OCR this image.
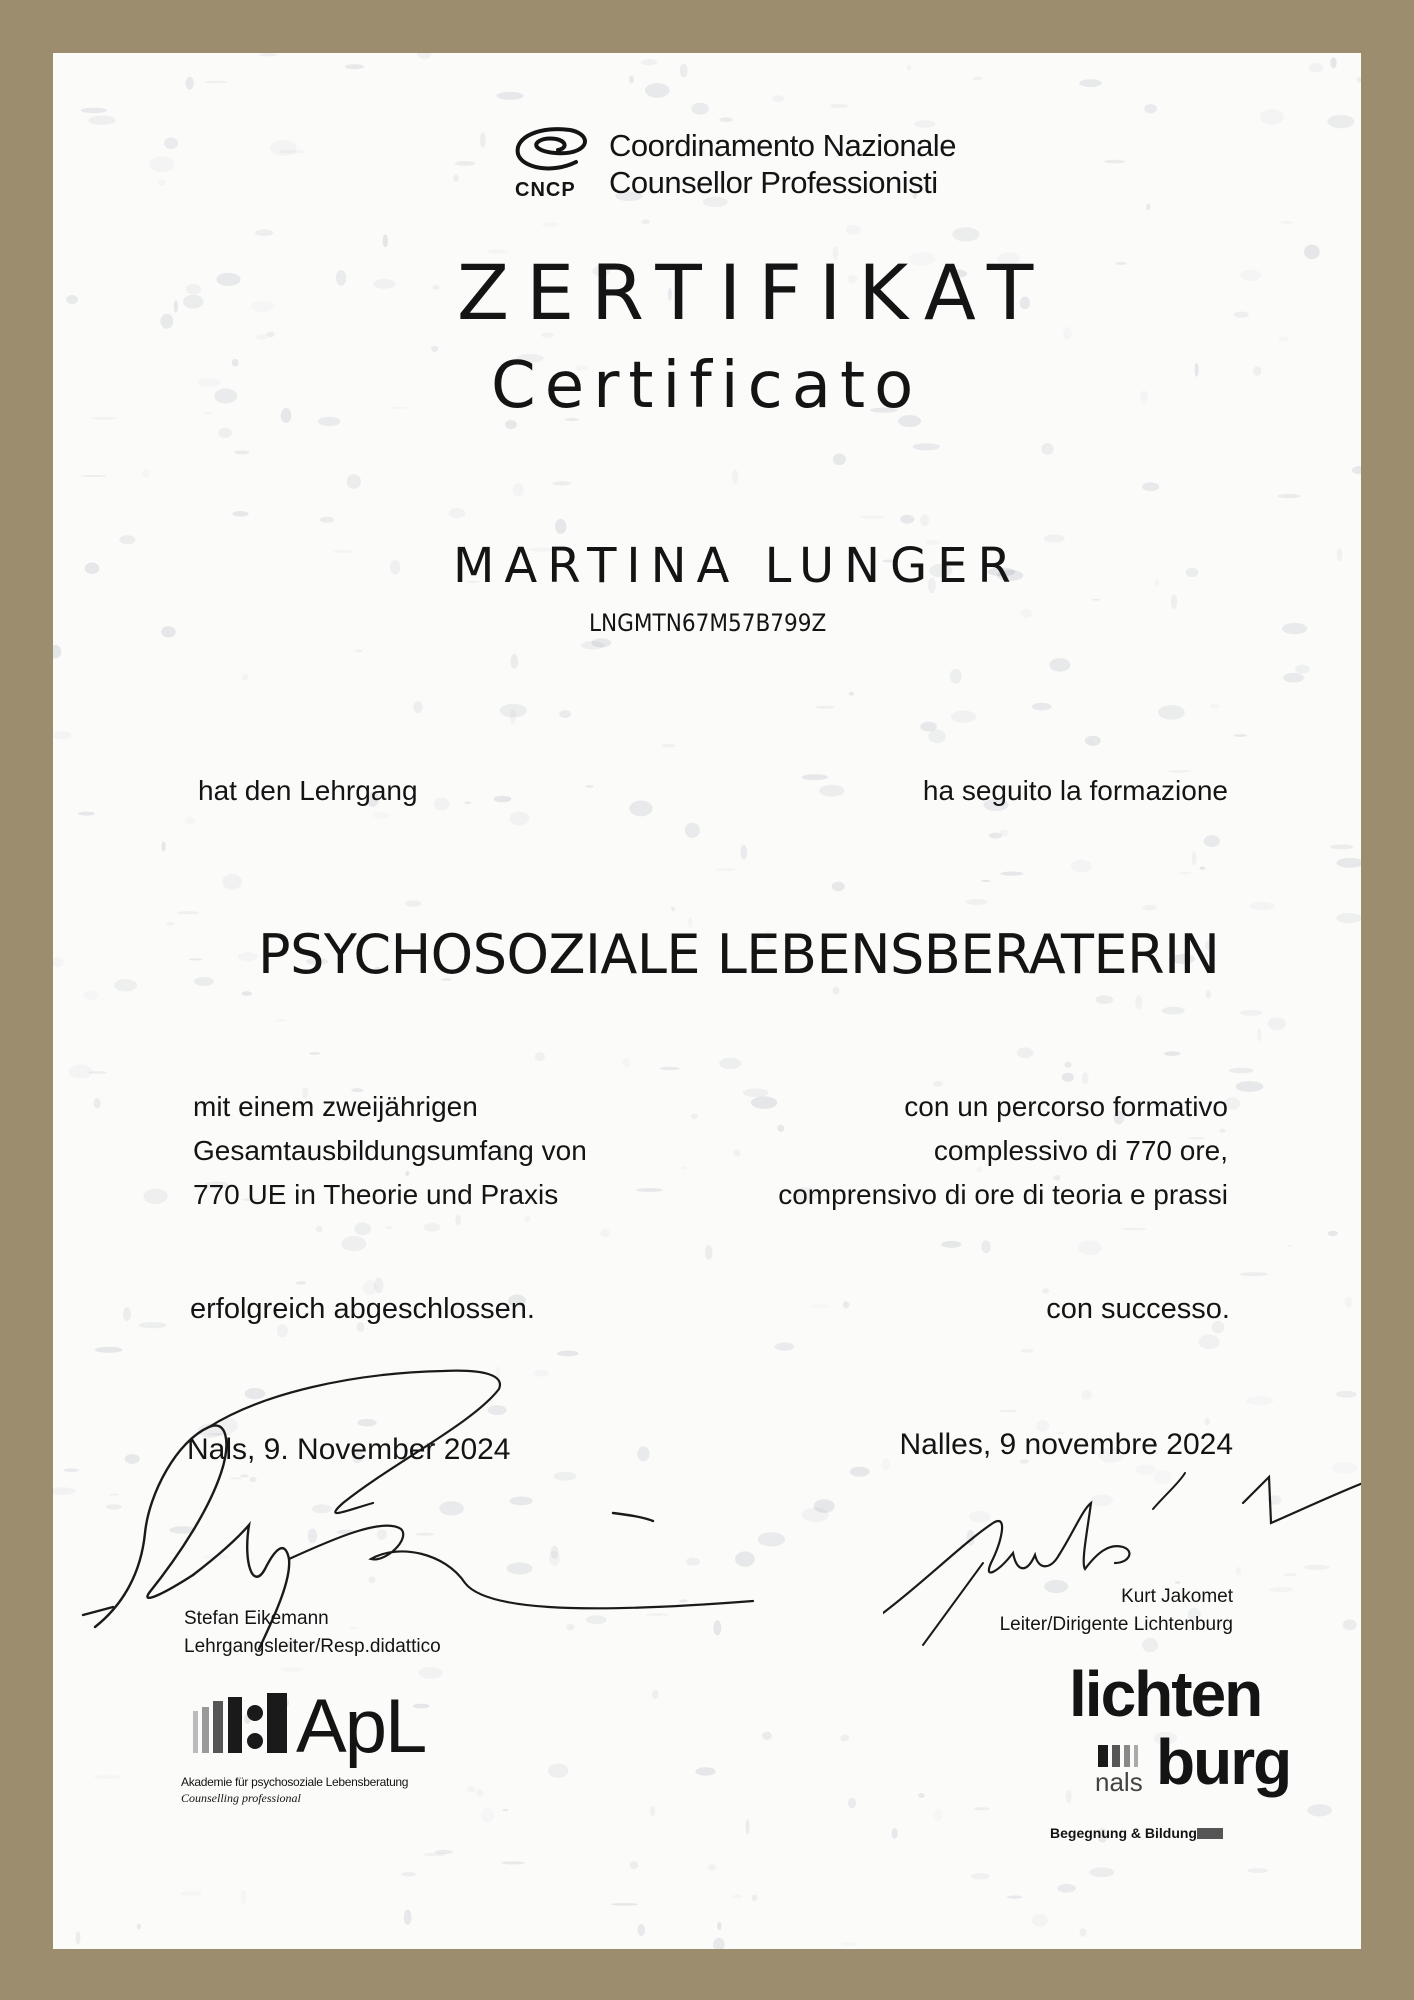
CNCP
Coordinamento Nazionale
Counsellor Professionisti
ZERTIFIKAT
Certificato
MARTINA LUNGER
LNGMTN67M57B799Z
hat den Lehrgang	ha seguito la formazione
PSYCHOSOZIALE LEBENSBERATERIN

mit einem zweijährigen

Gesamtausbildungsumfang von

770 UE in Theorie und Praxis

con un percorso formativo

complessivo di 770 ore,

comprensivo di ore di teoria e prassi

erfolgreich abgeschlossen.	con successo.
Nals, 9. November 2024	Nalles, 9 novembre 2024
Stefan Eikemann
Lehrgangsleiter/Resp.didattico
Kurt Jakomet
Leiter/Dirigente Lichtenburg
ApL
Akademie für psychosoziale Lebensberatung
Counselling professional
lichten
nals burg
Begegnung & Bildung
